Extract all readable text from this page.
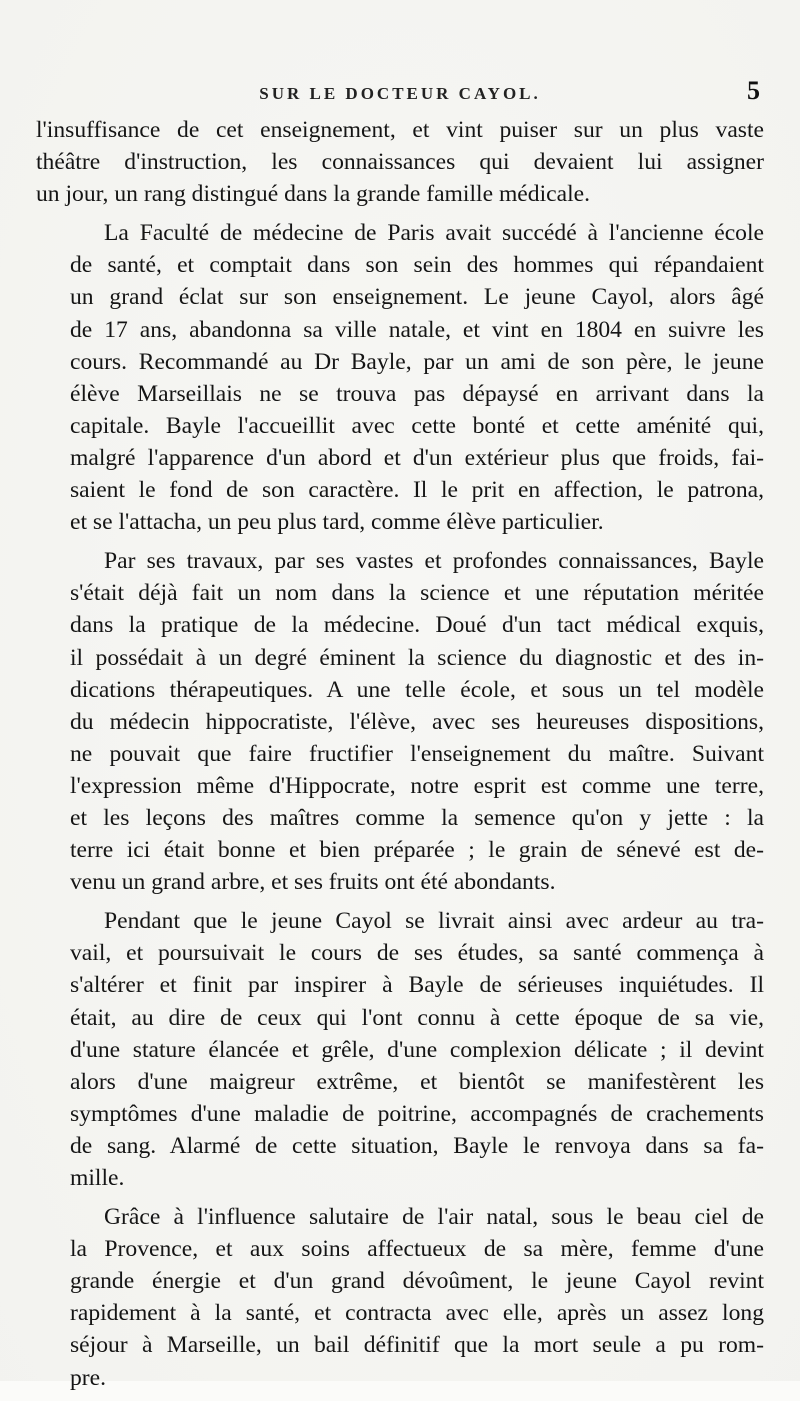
SUR LE DOCTEUR CAYOL.	5
l'insuffisance de cet enseignement, et vint puiser sur un plus vaste
théâtre d'instruction, les connaissances qui devaient lui assigner
un jour, un rang distingué dans la grande famille médicale.
La Faculté de médecine de Paris avait succédé à l'ancienne école
de santé, et comptait dans son sein des hommes qui répandaient
un grand éclat sur son enseignement. Le jeune Cayol, alors âgé
de 17 ans, abandonna sa ville natale, et vint en 1804 en suivre les
cours. Recommandé au Dr Bayle, par un ami de son père, le jeune
élève Marseillais ne se trouva pas dépaysé en arrivant dans la
capitale. Bayle l'accueillit avec cette bonté et cette aménité qui,
malgré l'apparence d'un abord et d'un extérieur plus que froids, fai-
saient le fond de son caractère. Il le prit en affection, le patrona,
et se l'attacha, un peu plus tard, comme élève particulier.
Par ses travaux, par ses vastes et profondes connaissances, Bayle
s'était déjà fait un nom dans la science et une réputation méritée
dans la pratique de la médecine. Doué d'un tact médical exquis,
il possédait à un degré éminent la science du diagnostic et des in-
dications thérapeutiques. A une telle école, et sous un tel modèle
du médecin hippocratiste, l'élève, avec ses heureuses dispositions,
ne pouvait que faire fructifier l'enseignement du maître. Suivant
l'expression même d'Hippocrate, notre esprit est comme une terre,
et les leçons des maîtres comme la semence qu'on y jette : la
terre ici était bonne et bien préparée ; le grain de sénevé est de-
venu un grand arbre, et ses fruits ont été abondants.
Pendant que le jeune Cayol se livrait ainsi avec ardeur au tra-
vail, et poursuivait le cours de ses études, sa santé commença à
s'altérer et finit par inspirer à Bayle de sérieuses inquiétudes. Il
était, au dire de ceux qui l'ont connu à cette époque de sa vie,
d'une stature élancée et grêle, d'une complexion délicate ; il devint
alors d'une maigreur extrême, et bientôt se manifestèrent les
symptômes d'une maladie de poitrine, accompagnés de crachements
de sang. Alarmé de cette situation, Bayle le renvoya dans sa fa-
mille.
Grâce à l'influence salutaire de l'air natal, sous le beau ciel de
la Provence, et aux soins affectueux de sa mère, femme d'une
grande énergie et d'un grand dévoûment, le jeune Cayol revint
rapidement à la santé, et contracta avec elle, après un assez long
séjour à Marseille, un bail définitif que la mort seule a pu rom-
pre.
